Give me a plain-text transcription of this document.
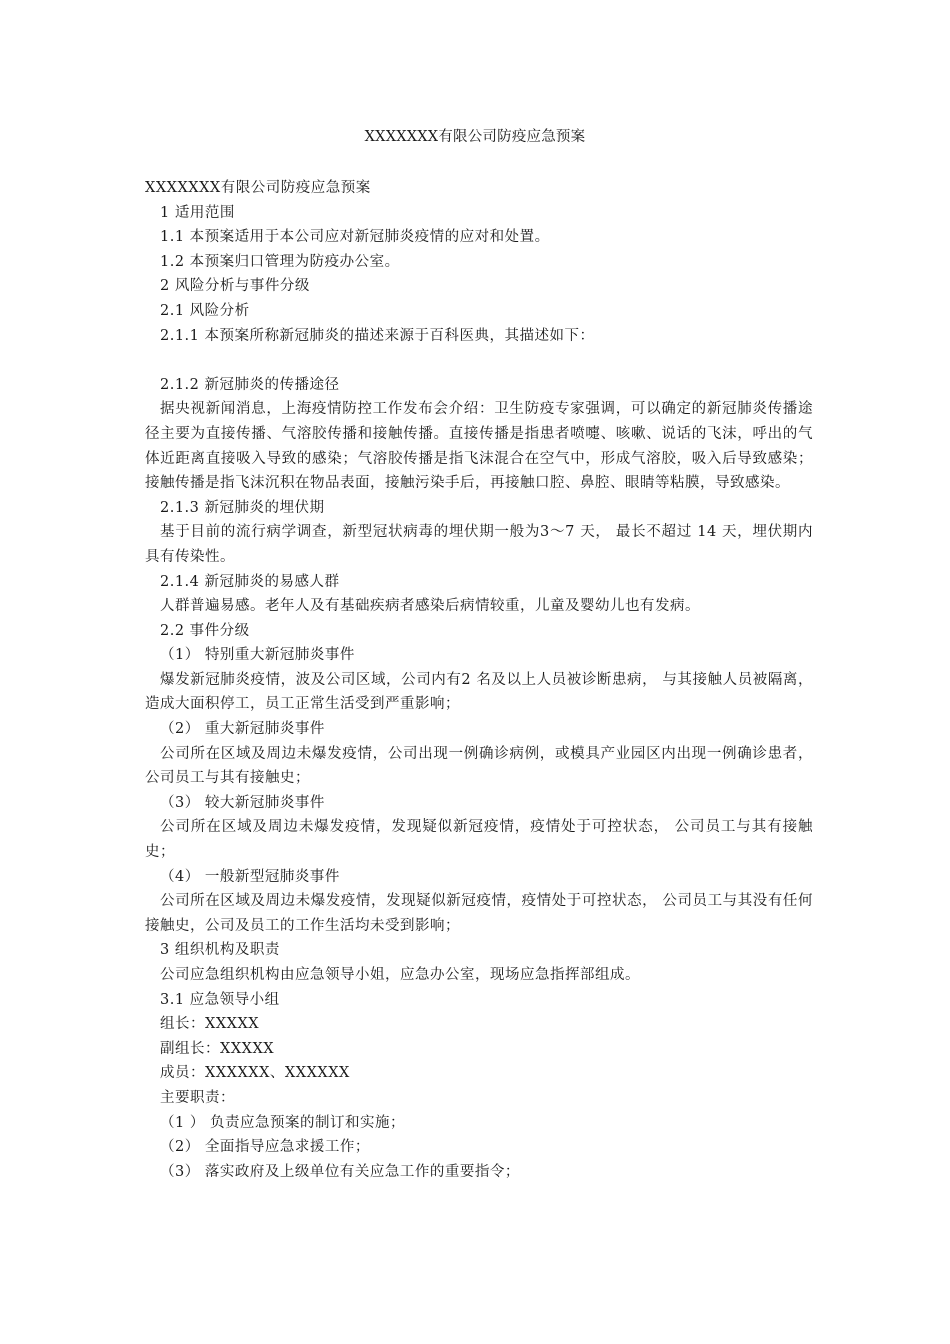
XXXXXXX有限公司防疫应急预案
XXXXXXX有限公司防疫应急预案
1 适用范围
1.1 本预案适用于本公司应对新冠肺炎疫情的应对和处置。
1.2 本预案归口管理为防疫办公室。
2 风险分析与事件分级
2.1 风险分析
2.1.1 本预案所称新冠肺炎的描述来源于百科医典，其描述如下：
2.1.2 新冠肺炎的传播途径
据央视新闻消息，上海疫情防控工作发布会介绍：卫生防疫专家强调，可以确定的新冠肺炎传播途径主要为直接传播、气溶胶传播和接触传播。直接传播是指患者喷嚏、咳嗽、说话的飞沫，呼出的气体近距离直接吸入导致的感染；气溶胶传播是指飞沫混合在空气中，形成气溶胶，吸入后导致感染；接触传播是指飞沫沉积在物品表面，接触污染手后，再接触口腔、鼻腔、眼睛等粘膜，导致感染。
2.1.3 新冠肺炎的埋伏期
基于目前的流行病学调查，新型冠状病毒的埋伏期一般为3～7 天， 最长不超过 14 天，埋伏期内具有传染性。
2.1.4 新冠肺炎的易感人群
人群普遍易感。老年人及有基础疾病者感染后病情较重，儿童及婴幼儿也有发病。
2.2 事件分级
（1） 特别重大新冠肺炎事件
爆发新冠肺炎疫情，波及公司区域，公司内有2 名及以上人员被诊断患病， 与其接触人员被隔离，造成大面积停工，员工正常生活受到严重影响；
（2） 重大新冠肺炎事件
公司所在区域及周边未爆发疫情，公司出现一例确诊病例，或模具产业园区内出现一例确诊患者，公司员工与其有接触史；
（3） 较大新冠肺炎事件
公司所在区域及周边未爆发疫情，发现疑似新冠疫情，疫情处于可控状态， 公司员工与其有接触史；
（4） 一般新型冠肺炎事件
公司所在区域及周边未爆发疫情，发现疑似新冠疫情，疫情处于可控状态， 公司员工与其没有任何接触史，公司及员工的工作生活均未受到影响；
3 组织机构及职责
公司应急组织机构由应急领导小姐，应急办公室，现场应急指挥部组成。
3.1 应急领导小组
组长：XXXXX
副组长：XXXXX
成员：XXXXXX、XXXXXX
主要职责：
（1 ） 负责应急预案的制订和实施；
（2） 全面指导应急求援工作；
（3） 落实政府及上级单位有关应急工作的重要指令；
